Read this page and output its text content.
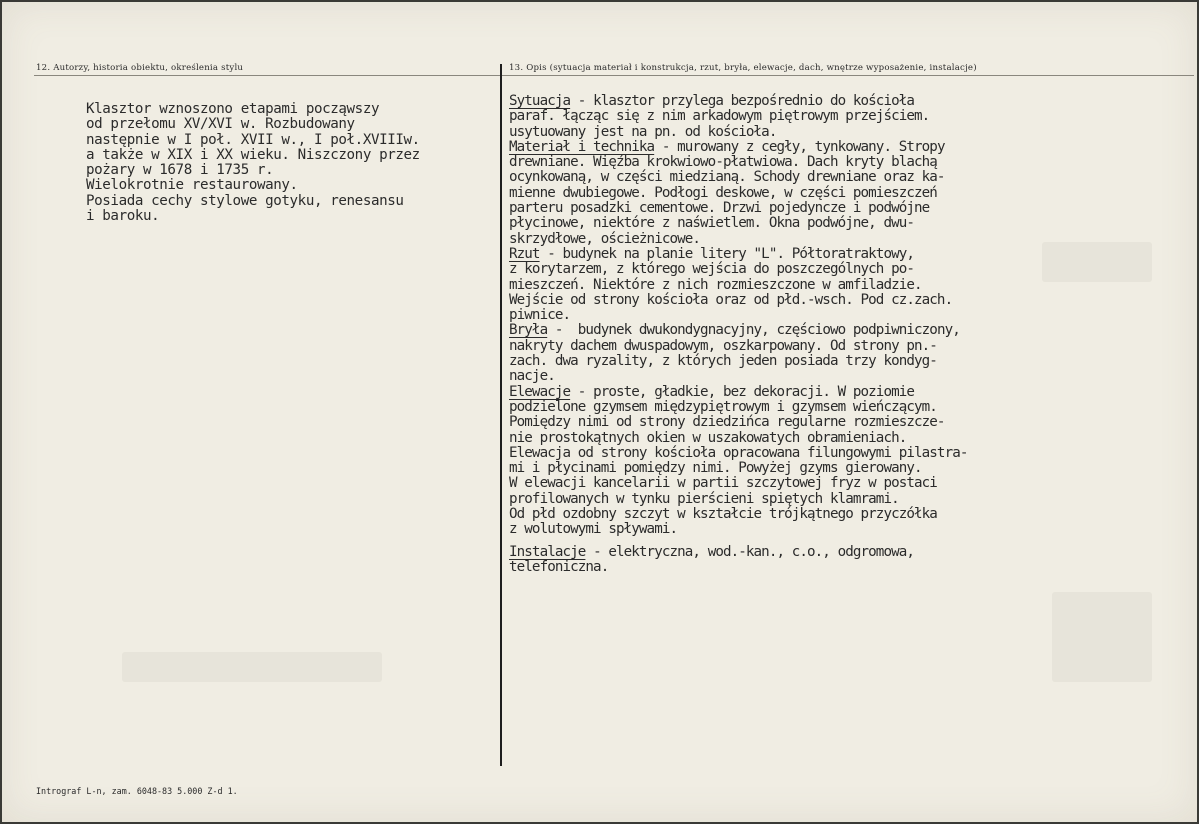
12. Autorzy, historia obiektu, określenia stylu	13. Opis (sytuacja materiał i konstrukcja, rzut, bryła, elewacje, dach, wnętrze wyposażenie, instalacje)
Klasztor wznoszono etapami począwszy
od przełomu XV/XVI w. Rozbudowany
następnie w I poł. XVII w., I poł.XVIIIw.
a także w XIX i XX wieku. Niszczony przez
pożary w 1678 i 1735 r.
Wielokrotnie restaurowany.
Posiada cechy stylowe gotyku, renesansu
i baroku.
Sytuacja - klasztor przylega bezpośrednio do kościoła
paraf. łącząc się z nim arkadowym piętrowym przejściem.
usytuowany jest na pn. od kościoła.
Materiał i technika - murowany z cegły, tynkowany. Stropy
drewniane. Więźba krokwiowo-płatwiowa. Dach kryty blachą
ocynkowaną, w części miedzianą. Schody drewniane oraz ka-
mienne dwubiegowe. Podłogi deskowe, w części pomieszczeń
parteru posadzki cementowe. Drzwi pojedyncze i podwójne
płycinowe, niektóre z naświetlem. Okna podwójne, dwu-
skrzydłowe, ościeżnicowe.
Rzut - budynek na planie litery "L". Półtoratraktowy,
z korytarzem, z którego wejścia do poszczególnych po-
mieszczeń. Niektóre z nich rozmieszczone w amfiladzie.
Wejście od strony kościoła oraz od płd.-wsch. Pod cz.zach.
piwnice.
Bryła -  budynek dwukondygnacyjny, częściowo podpiwniczony,
nakryty dachem dwuspadowym, oszkarpowany. Od strony pn.-
zach. dwa ryzality, z których jeden posiada trzy kondyg-
nacje.
Elewacje - proste, gładkie, bez dekoracji. W poziomie
podzielone gzymsem międzypiętrowym i gzymsem wieńczącym.
Pomiędzy nimi od strony dziedzińca regularne rozmieszcze-
nie prostokątnych okien w uszakowatych obramieniach.
Elewacja od strony kościoła opracowana filungowymi pilastra-
mi i płycinami pomiędzy nimi. Powyżej gzyms gierowany.
W elewacji kancelarii w partii szczytowej fryz w postaci
profilowanych w tynku pierścieni spiętych klamrami.
Od płd ozdobny szczyt w kształcie trójkątnego przyczółka
z wolutowymi spływami.
Instalacje - elektryczna, wod.-kan., c.o., odgromowa,
telefoniczna.
Intrograf L-n, zam. 6048-83 5.000 Z-d 1.
